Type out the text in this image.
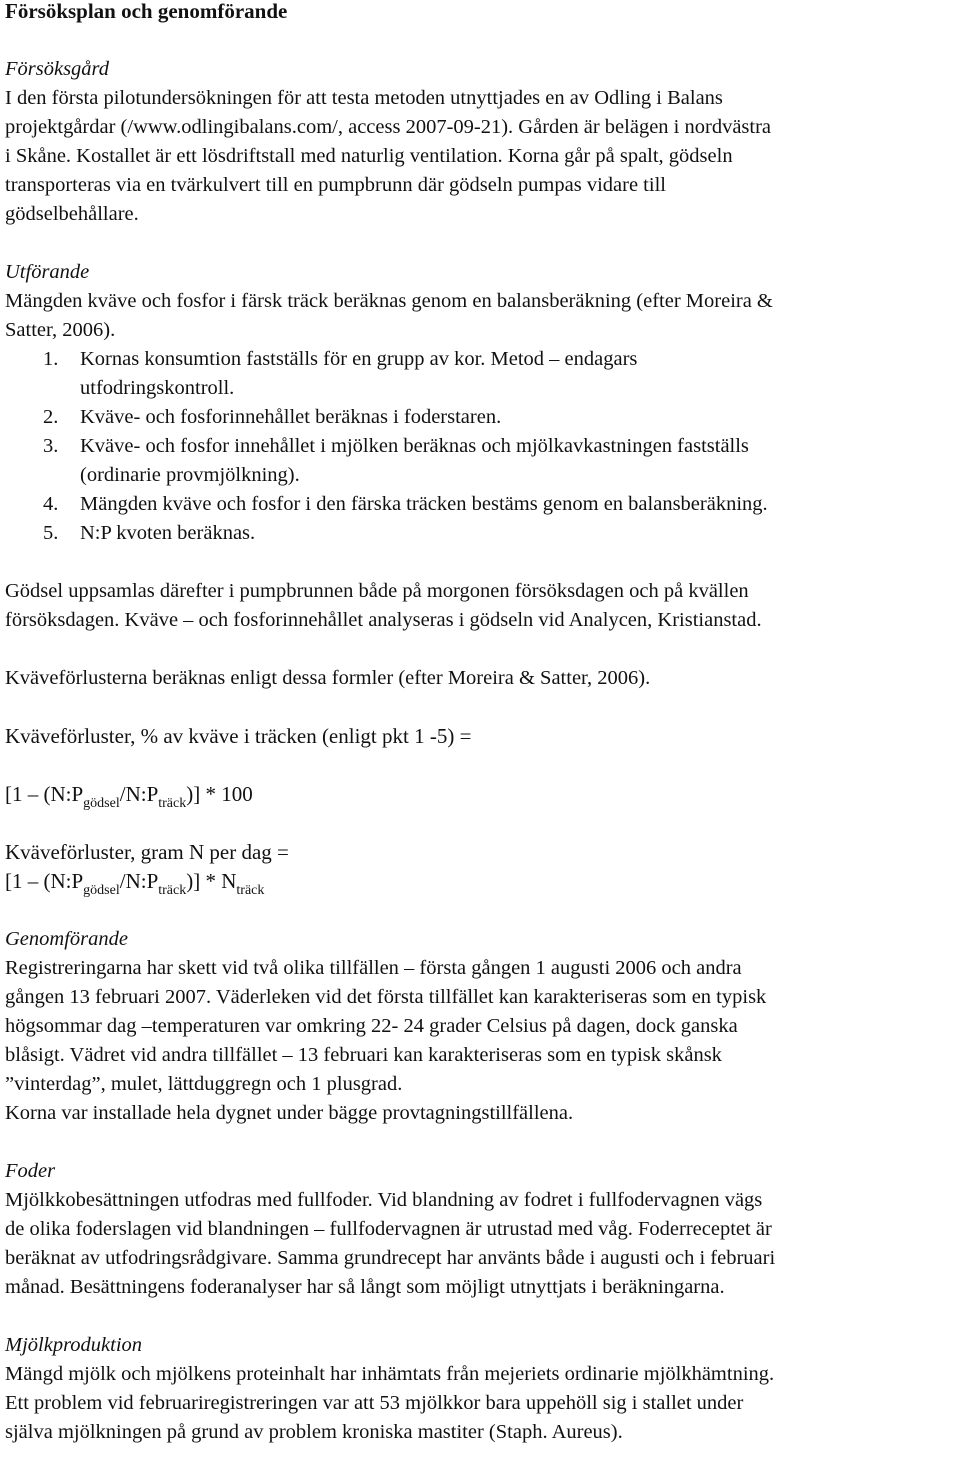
Försöksplan och genomförande

Försöksgård

I den första pilotundersökningen för att testa metoden utnyttjades en av Odling i Balans

projektgårdar (/www.odlingibalans.com/, access 2007-09-21). Gården är belägen i nordvästra

i Skåne. Kostallet är ett lösdriftstall med naturlig ventilation. Korna går på spalt, gödseln

transporteras via en tvärkulvert till en pumpbrunn där gödseln pumpas vidare till

gödselbehållare.

Utförande

Mängden kväve och fosfor i färsk träck beräknas genom en balansberäkning (efter Moreira &

Satter, 2006).

1. Kornas konsumtion fastställs för en grupp av kor. Metod – endagars
utfodringskontroll.
2. Kväve- och fosforinnehållet beräknas i foderstaren.
3. Kväve- och fosfor innehållet i mjölken beräknas och mjölkavkastningen fastställs
(ordinarie provmjölkning).
4. Mängden kväve och fosfor i den färska träcken bestäms genom en balansberäkning.
5. N:P kvoten beräknas.

Gödsel uppsamlas därefter i pumpbrunnen både på morgonen försöksdagen och på kvällen

försöksdagen. Kväve – och fosforinnehållet analyseras i gödseln vid Analycen, Kristianstad.

Kväveförlusterna beräknas enligt dessa formler (efter Moreira & Satter, 2006).

Kväveförluster, % av kväve i träcken (enligt pkt 1 -5) =

$[1 - (N:P_{gödsel}/N:P_{träck})] * 100$

Kväveförluster, gram N per dag =

$[1 - (N:P_{gödsel}/N:P_{träck})] * N_{träck}$

Genomförande

Registreringarna har skett vid två olika tillfällen – första gången 1 augusti 2006 och andra

gången 13 februari 2007. Väderleken vid det första tillfället kan karakteriseras som en typisk

högsommar dag –temperaturen var omkring 22- 24 grader Celsius på dagen, dock ganska

blåsigt. Vädret vid andra tillfället – 13 februari kan karakteriseras som en typisk skånsk

”vinterdag”, mulet, lättduggregn och 1 plusgrad.

Korna var installade hela dygnet under bägge provtagningstillfällena.

Foder

Mjölkkobesättningen utfodras med fullfoder. Vid blandning av fodret i fullfodervagnen vägs

de olika foderslagen vid blandningen – fullfodervagnen är utrustad med våg. Foderreceptet är

beräknat av utfodringsrådgivare. Samma grundrecept har använts både i augusti och i februari

månad. Besättningens foderanalyser har så långt som möjligt utnyttjats i beräkningarna.

Mjölkproduktion

Mängd mjölk och mjölkens proteinhalt har inhämtats från mejeriets ordinarie mjölkhämtning.

Ett problem vid februariregistreringen var att 53 mjölkkor bara uppehöll sig i stallet under

själva mjölkningen på grund av problem kroniska mastiter (Staph. Aureus).
